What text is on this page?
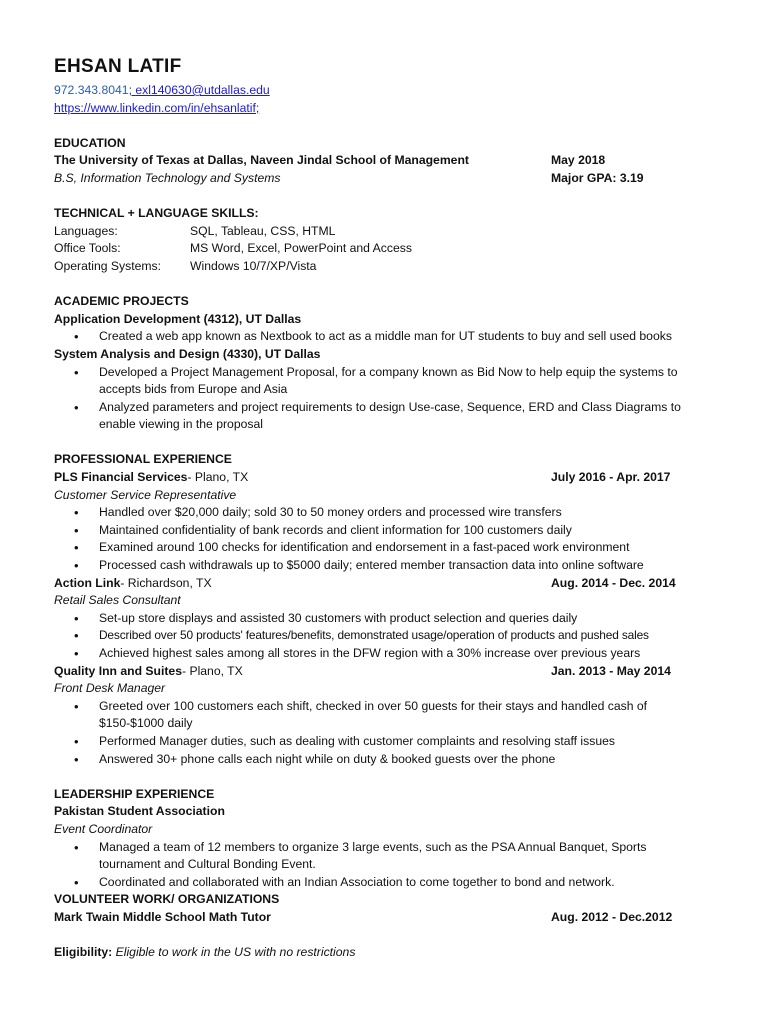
EHSAN LATIF
972.343.8041; exl140630@utdallas.edu
https://www.linkedin.com/in/ehsanlatif;
EDUCATION
The University of Texas at Dallas, Naveen Jindal School of Management	May 2018
B.S, Information Technology and Systems	Major GPA: 3.19
TECHNICAL + LANGUAGE SKILLS:
Languages:	SQL, Tableau, CSS, HTML
Office Tools:	MS Word, Excel, PowerPoint and Access
Operating Systems:	Windows 10/7/XP/Vista
ACADEMIC PROJECTS
Application Development (4312), UT Dallas
• Created a web app known as Nextbook to act as a middle man for UT students to buy and sell used books
System Analysis and Design (4330), UT Dallas
• Developed a Project Management Proposal, for a company known as Bid Now to help equip the systems to accepts bids from Europe and Asia
• Analyzed parameters and project requirements to design Use-case, Sequence, ERD and Class Diagrams to enable viewing in the proposal
PROFESSIONAL EXPERIENCE
PLS Financial Services- Plano, TX	July 2016 - Apr. 2017
Customer Service Representative
• Handled over $20,000 daily; sold 30 to 50 money orders and processed wire transfers
• Maintained confidentiality of bank records and client information for 100 customers daily
• Examined around 100 checks for identification and endorsement in a fast-paced work environment
• Processed cash withdrawals up to $5000 daily; entered member transaction data into online software
Action Link- Richardson, TX	Aug. 2014 - Dec. 2014
Retail Sales Consultant
• Set-up store displays and assisted 30 customers with product selection and queries daily
• Described over 50 products' features/benefits, demonstrated usage/operation of products and pushed sales
• Achieved highest sales among all stores in the DFW region with a 30% increase over previous years
Quality Inn and Suites- Plano, TX	Jan. 2013 - May 2014
Front Desk Manager
• Greeted over 100 customers each shift, checked in over 50 guests for their stays and handled cash of $150-$1000 daily
• Performed Manager duties, such as dealing with customer complaints and resolving staff issues
• Answered 30+ phone calls each night while on duty & booked guests over the phone
LEADERSHIP EXPERIENCE
Pakistan Student Association
Event Coordinator
• Managed a team of 12 members to organize 3 large events, such as the PSA Annual Banquet, Sports tournament and Cultural Bonding Event.
• Coordinated and collaborated with an Indian Association to come together to bond and network.
VOLUNTEER WORK/ ORGANIZATIONS
Mark Twain Middle School Math Tutor	Aug. 2012 - Dec.2012
Eligibility: Eligible to work in the US with no restrictions
